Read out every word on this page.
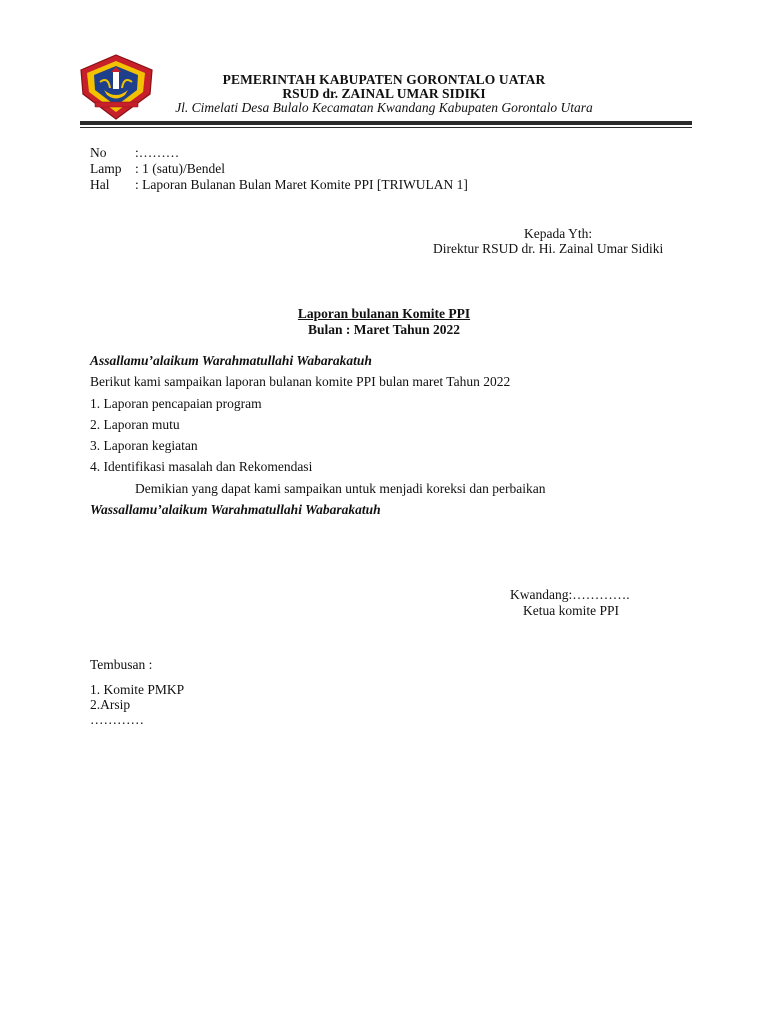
PEMERINTAH KABUPATEN GORONTALO UATAR
RSUD dr. ZAINAL UMAR SIDIKI
Jl. Cimelati Desa Bulalo Kecamatan Kwandang Kabupaten Gorontalo Utara
No :………
Lamp : 1 (satu)/Bendel
Hal : Laporan Bulanan Bulan Maret Komite PPI [TRIWULAN 1]
Kepada Yth:
Direktur RSUD dr. Hi. Zainal Umar Sidiki
Laporan bulanan Komite PPI
Bulan : Maret Tahun 2022
Assallamu’alaikum Warahmatullahi Wabarakatuh
Berikut kami sampaikan laporan bulanan komite PPI bulan maret Tahun 2022
1. Laporan pencapaian program
2. Laporan mutu
3. Laporan kegiatan
4. Identifikasi masalah dan Rekomendasi
Demikian yang dapat kami sampaikan untuk menjadi koreksi dan perbaikan
Wassallamu’alaikum Warahmatullahi Wabarakatuh
Kwandang:………….
Ketua komite PPI
Tembusan :
1. Komite PMKP
2.Arsip
…………
